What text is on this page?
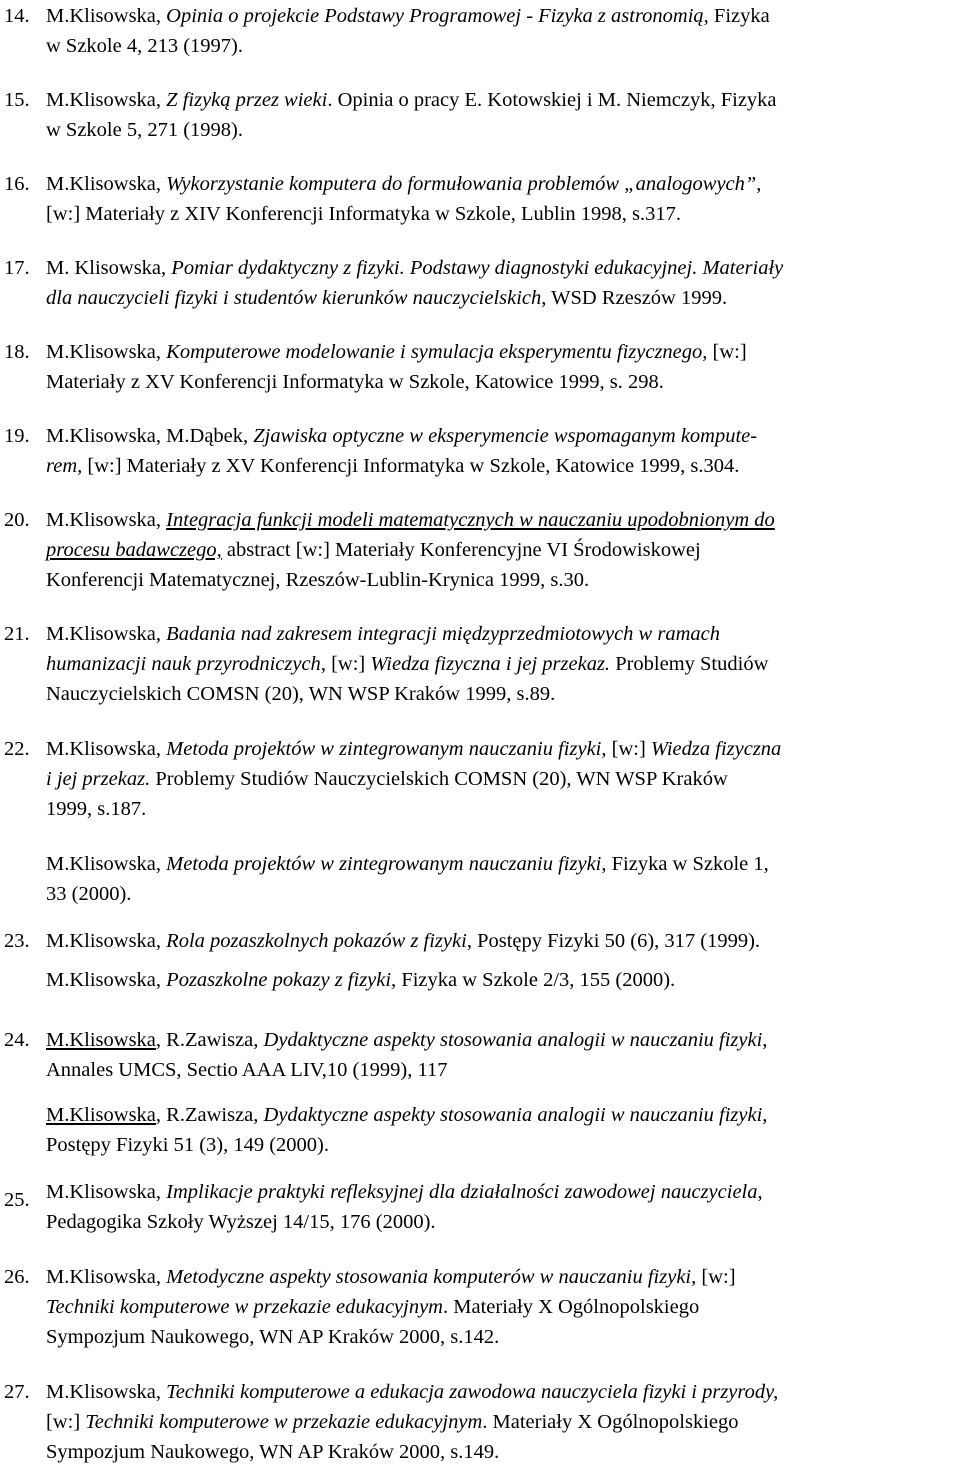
14. M.Klisowska, Opinia o projekcie Podstawy Programowej - Fizyka z astronomią, Fizyka
w Szkole 4, 213 (1997).
15. M.Klisowska, Z fizyką przez wieki. Opinia o pracy E. Kotowskiej i M. Niemczyk, Fizyka
w Szkole 5, 271 (1998).
16. M.Klisowska, Wykorzystanie komputera do formułowania problemów „analogowych”,
[w:] Materiały z XIV Konferencji Informatyka w Szkole, Lublin 1998, s.317.
17. M. Klisowska, Pomiar dydaktyczny z fizyki. Podstawy diagnostyki edukacyjnej. Materiały
dla nauczycieli fizyki i studentów kierunków nauczycielskich, WSD Rzeszów 1999.
18. M.Klisowska, Komputerowe modelowanie i symulacja eksperymentu fizycznego, [w:]
Materiały z XV Konferencji Informatyka w Szkole, Katowice 1999, s. 298.
19. M.Klisowska, M.Dąbek, Zjawiska optyczne w eksperymencie wspomaganym kompute-
rem, [w:] Materiały z XV Konferencji Informatyka w Szkole, Katowice 1999, s.304.
20. M.Klisowska, Integracja funkcji modeli matematycznych w nauczaniu upodobnionym do
procesu badawczego, abstract [w:] Materiały Konferencyjne VI Środowiskowej
Konferencji Matematycznej, Rzeszów-Lublin-Krynica 1999, s.30.
21. M.Klisowska, Badania nad zakresem integracji międzyprzedmiotowych w ramach
humanizacji nauk przyrodniczych, [w:] Wiedza fizyczna i jej przekaz. Problemy Studiów
Nauczycielskich COMSN (20), WN WSP Kraków 1999, s.89.
22. M.Klisowska, Metoda projektów w zintegrowanym nauczaniu fizyki, [w:] Wiedza fizyczna
i jej przekaz. Problemy Studiów Nauczycielskich COMSN (20), WN WSP Kraków
1999, s.187.
M.Klisowska, Metoda projektów w zintegrowanym nauczaniu fizyki, Fizyka w Szkole 1,
33 (2000).
23. M.Klisowska, Rola pozaszkolnych pokazów z fizyki, Postępy Fizyki 50 (6), 317 (1999).
M.Klisowska, Pozaszkolne pokazy z fizyki, Fizyka w Szkole 2/3, 155 (2000).
24. M.Klisowska, R.Zawisza, Dydaktyczne aspekty stosowania analogii w nauczaniu fizyki,
Annales UMCS, Sectio AAA LIV,10 (1999), 117
M.Klisowska, R.Zawisza, Dydaktyczne aspekty stosowania analogii w nauczaniu fizyki,
Postępy Fizyki 51 (3), 149 (2000).
25. M.Klisowska, Implikacje praktyki refleksyjnej dla działalności zawodowej nauczyciela,
Pedagogika Szkoły Wyższej 14/15, 176 (2000).
26. M.Klisowska, Metodyczne aspekty stosowania komputerów w nauczaniu fizyki, [w:]
Techniki komputerowe w przekazie edukacyjnym. Materiały X Ogólnopolskiego
Sympozjum Naukowego, WN AP Kraków 2000, s.142.
27. M.Klisowska, Techniki komputerowe a edukacja zawodowa nauczyciela fizyki i przyrody,
[w:] Techniki komputerowe w przekazie edukacyjnym. Materiały X Ogólnopolskiego
Sympozjum Naukowego, WN AP Kraków 2000, s.149.
